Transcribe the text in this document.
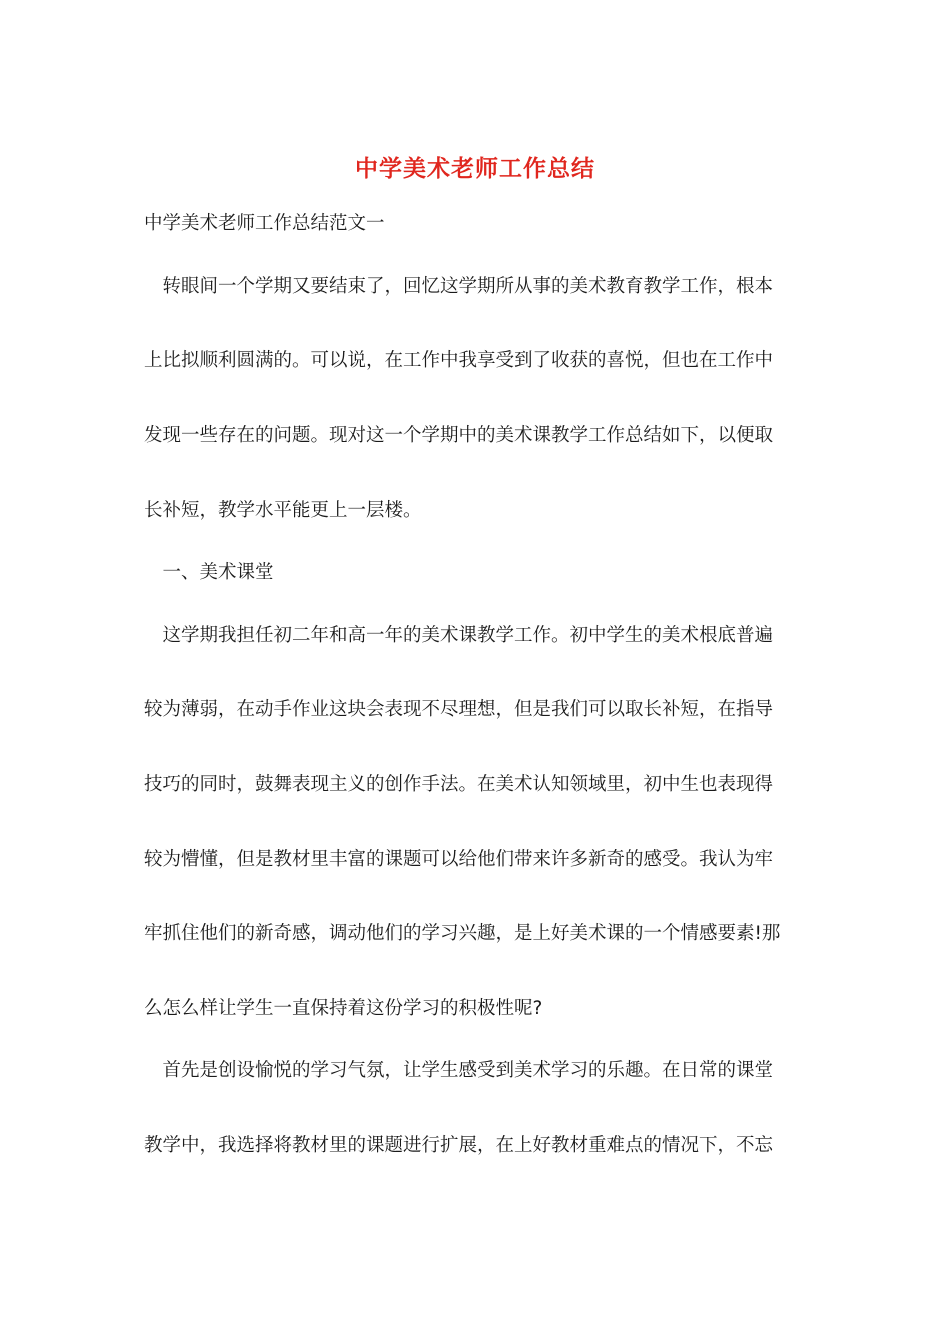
中学美术老师工作总结
中学美术老师工作总结范文一
　转眼间一个学期又要结束了，回忆这学期所从事的美术教育教学工作，根本
上比拟顺利圆满的。可以说，在工作中我享受到了收获的喜悦，但也在工作中
发现一些存在的问题。现对这一个学期中的美术课教学工作总结如下，以便取
长补短，教学水平能更上一层楼。
　一、美术课堂
　这学期我担任初二年和高一年的美术课教学工作。初中学生的美术根底普遍
较为薄弱，在动手作业这块会表现不尽理想，但是我们可以取长补短，在指导
技巧的同时，鼓舞表现主义的创作手法。在美术认知领域里，初中生也表现得
较为懵懂，但是教材里丰富的课题可以给他们带来许多新奇的感受。我认为牢
牢抓住他们的新奇感，调动他们的学习兴趣，是上好美术课的一个情感要素!那
么怎么样让学生一直保持着这份学习的积极性呢?
　首先是创设愉悦的学习气氛，让学生感受到美术学习的乐趣。在日常的课堂
教学中，我选择将教材里的课题进行扩展，在上好教材重难点的情况下，不忘
